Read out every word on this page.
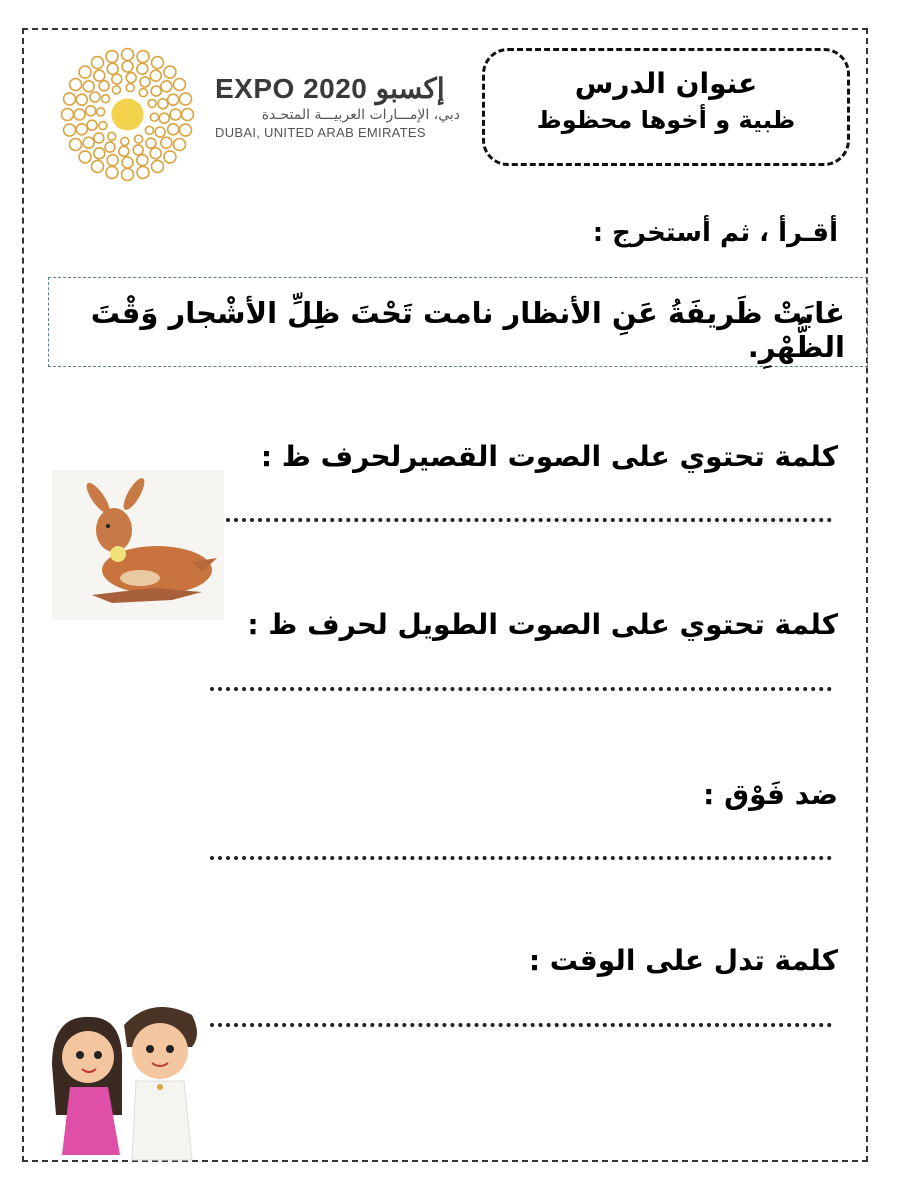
EXPO 2020 إكسبو
دبي، الإمـــارات العربيـــة المتحـدة
DUBAI, UNITED ARAB EMIRATES
عنوان الدرس
ظبية و أخوها محظوظ
أقـرأ ، ثم أستخرج :
غابَتْ ظَريفَةُ عَنِ الأنظار نامت تَحْتَ ظِلِّ الأشْجار وَقْتَ الظُّهْرِ.
كلمة تحتوي على الصوت القصيرلحرف ظ :
كلمة تحتوي على الصوت الطويل لحرف ظ :
ضد فَوْق :
كلمة تدل على الوقت :
